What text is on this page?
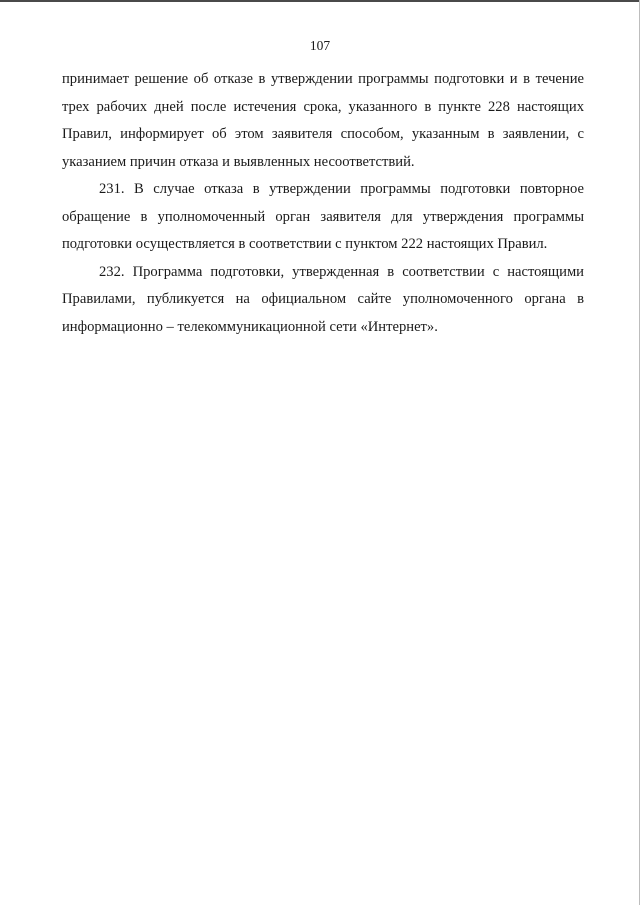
107

принимает решение об отказе в утверждении программы подготовки и в течение трех рабочих дней после истечения срока, указанного в пункте 228 настоящих Правил, информирует об этом заявителя способом, указанным в заявлении, с указанием причин отказа и выявленных несоответствий.

231. В случае отказа в утверждении программы подготовки повторное обращение в уполномоченный орган заявителя для утверждения программы подготовки осуществляется в соответствии с пунктом 222 настоящих Правил.

232. Программа подготовки, утвержденная в соответствии с настоящими Правилами, публикуется на официальном сайте уполномоченного органа в информационно – телекоммуникационной сети «Интернет».
